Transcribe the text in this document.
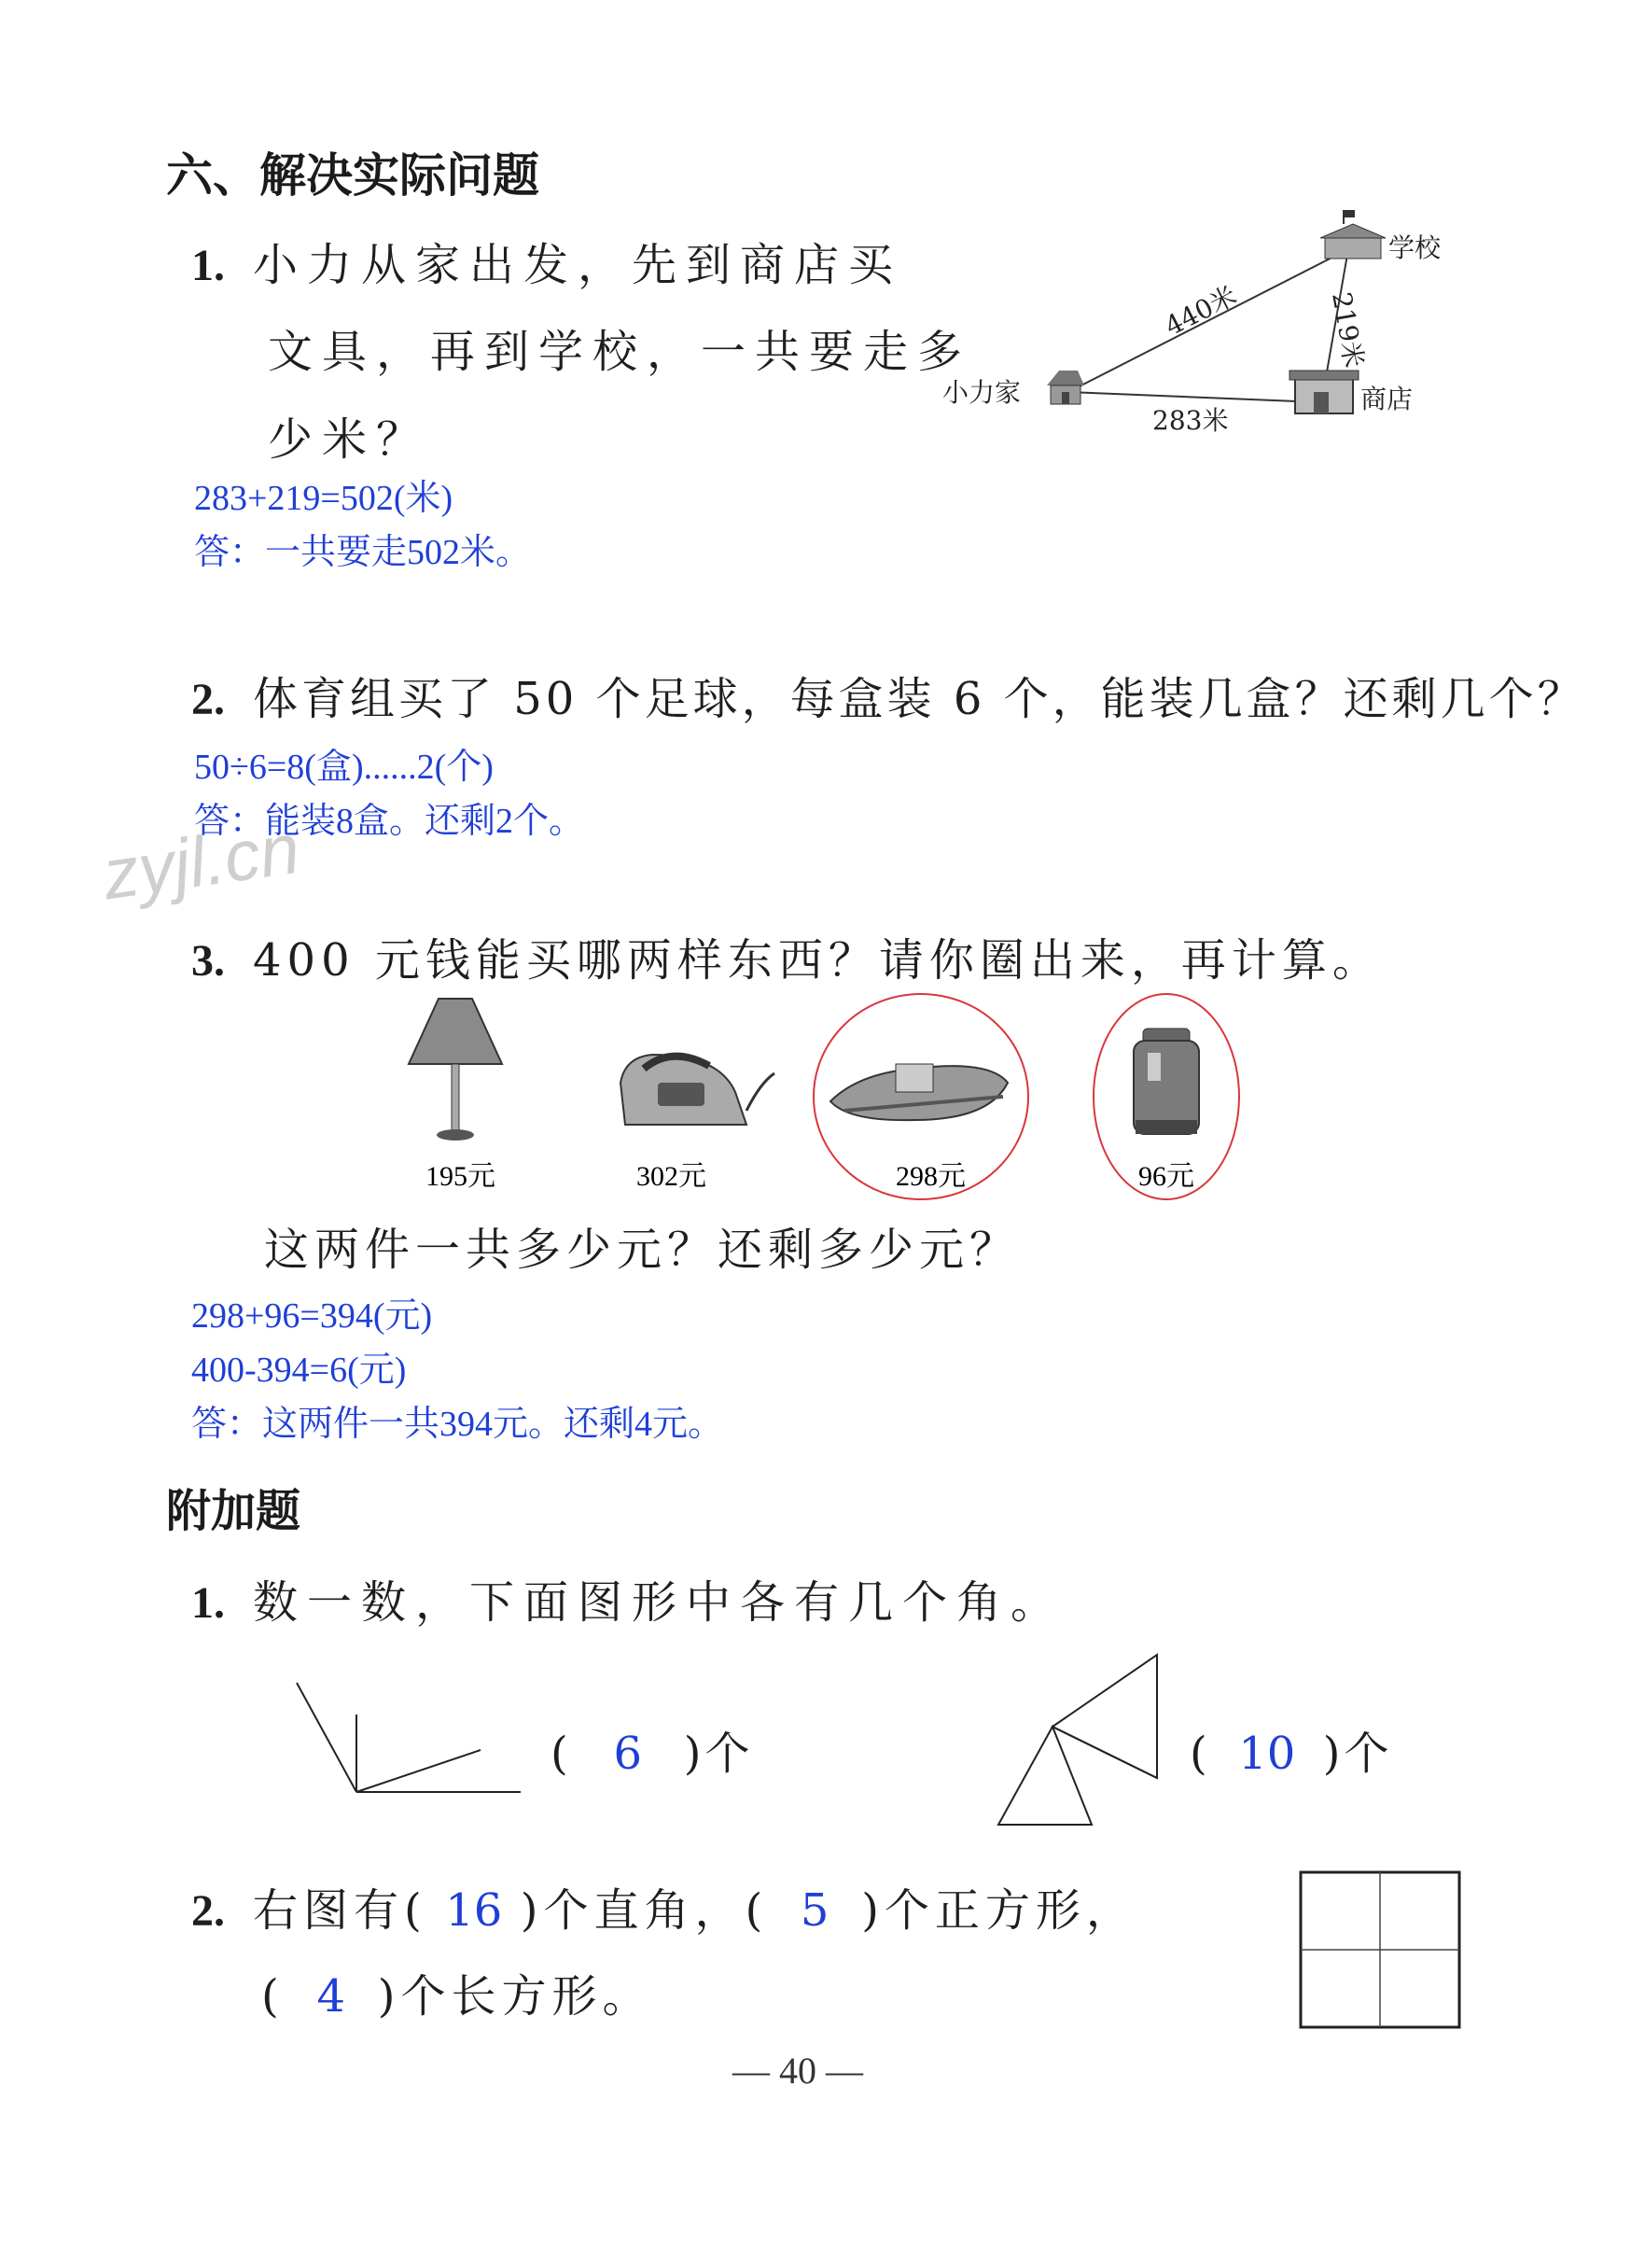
六、解决实际问题
1. 小力从家出发，先到商店买
文具，再到学校，一共要走多
少米？
283+219=502(米)
答：一共要走502米。
小力家
学校
商店
440米	219米
283米
2. 体育组买了 50 个足球，每盒装 6 个，能装几盒？还剩几个？
50÷6=8(盒)......2(个)
答：能装8盒。还剩2个。
zyjl.cn
3. 400 元钱能买哪两样东西？请你圈出来，再计算。
195元	302元	298元	96元
这两件一共多少元？还剩多少元？
298+96=394(元)
400-394=6(元)
答：这两件一共394元。还剩4元。
附加题
1. 数一数，下面图形中各有几个角。
( 6 )个	( 10 )个
2. 右图有( 16 )个直角，( 5 )个正方形，
( 4 )个长方形。
— 40 —
